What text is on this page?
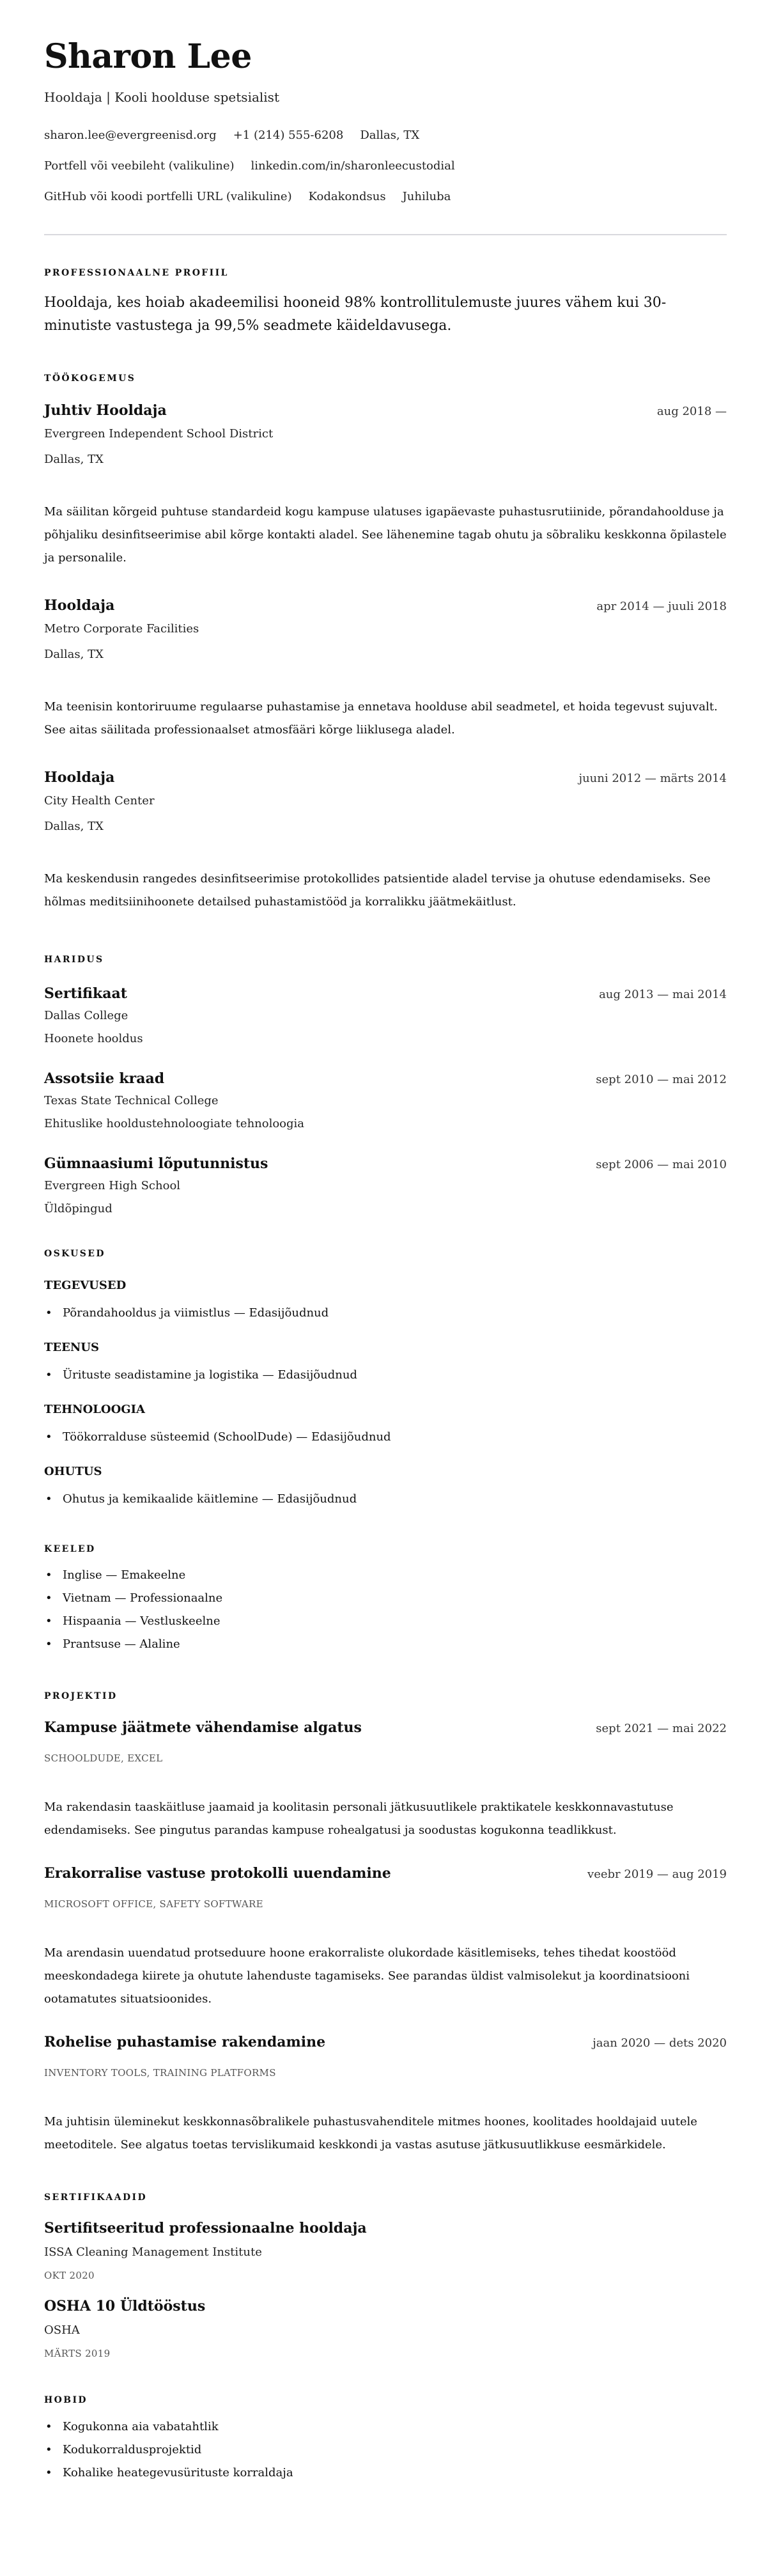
Sharon Lee
Hooldaja | Kooli hoolduse spetsialist
sharon.lee@evergreenisd.org +1 (214) 555-6208 Dallas, TX
Portfell või veebileht (valikuline) linkedin.com/in/sharonleecustodial
GitHub või koodi portfelli URL (valikuline) Kodakondsus Juhiluba
PROFESSIONAALNE PROFIIL

Hooldaja, kes hoiab akadeemilisi hooneid 98% kontrollitulemuste juures vähem kui 30-minutiste vastustega ja 99,5% seadmete käideldavusega.

TÖÖKOGEMUS
Juhtiv Hooldaja	aug 2018 —
Evergreen Independent School District
Dallas, TX
Ma säilitan kõrgeid puhtuse standardeid kogu kampuse ulatuses igapäevaste puhastusrutiinide, põrandahoolduse ja põhjaliku desinfitseerimise abil kõrge kontakti aladel. See lähenemine tagab ohutu ja sõbraliku keskkonna õpilastele ja personalile.
Hooldaja	apr 2014 — juuli 2018
Metro Corporate Facilities
Dallas, TX
Ma teenisin kontoriruume regulaarse puhastamise ja ennetava hoolduse abil seadmetel, et hoida tegevust sujuvalt. See aitas säilitada professionaalset atmosfääri kõrge liiklusega aladel.
Hooldaja	juuni 2012 — märts 2014
City Health Center
Dallas, TX
Ma keskendusin rangedes desinfitseerimise protokollides patsientide aladel tervise ja ohutuse edendamiseks. See hõlmas meditsiinihoonete detailsed puhastamistööd ja korralikku jäätmekäitlust.
HARIDUS
Sertifikaat	aug 2013 — mai 2014
Dallas College
Hoonete hooldus
Assotsiie kraad	sept 2010 — mai 2012
Texas State Technical College
Ehituslike hooldustehnoloogiate tehnoloogia
Gümnaasiumi lõputunnistus	sept 2006 — mai 2010
Evergreen High School
Üldõpingud
OSKUSED
TEGEVUSED
• Põrandahooldus ja viimistlus — Edasijõudnud
TEENUS
• Ürituste seadistamine ja logistika — Edasijõudnud
TEHNOLOOGIA
• Töökorralduse süsteemid (SchoolDude) — Edasijõudnud
OHUTUS
• Ohutus ja kemikaalide käitlemine — Edasijõudnud
KEELED
• Inglise — Emakeelne
• Vietnam — Professionaalne
• Hispaania — Vestluskeelne
• Prantsuse — Alaline
PROJEKTID
Kampuse jäätmete vähendamise algatus	sept 2021 — mai 2022
SCHOOLDUDE, EXCEL
Ma rakendasin taaskäitluse jaamaid ja koolitasin personali jätkusuutlikele praktikatele keskkonnavastutuse edendamiseks. See pingutus parandas kampuse rohealgatusi ja soodustas kogukonna teadlikkust.
Erakorralise vastuse protokolli uuendamine	veebr 2019 — aug 2019
MICROSOFT OFFICE, SAFETY SOFTWARE
Ma arendasin uuendatud protseduure hoone erakorraliste olukordade käsitlemiseks, tehes tihedat koostööd meeskondadega kiirete ja ohutute lahenduste tagamiseks. See parandas üldist valmisolekut ja koordinatsiooni ootamatutes situatsioonides.
Rohelise puhastamise rakendamine	jaan 2020 — dets 2020
INVENTORY TOOLS, TRAINING PLATFORMS
Ma juhtisin üleminekut keskkonnasõbralikele puhastusvahenditele mitmes hoones, koolitades hooldajaid uutele meetoditele. See algatus toetas tervislikumaid keskkondi ja vastas asutuse jätkusuutlikkuse eesmärkidele.
SERTIFIKAADID
Sertifitseeritud professionaalne hooldaja
ISSA Cleaning Management Institute
OKT 2020
OSHA 10 Üldtööstus
OSHA
MÄRTS 2019
HOBID
• Kogukonna aia vabatahtlik
• Kodukorraldusprojektid
• Kohalike heategevusürituste korraldaja
